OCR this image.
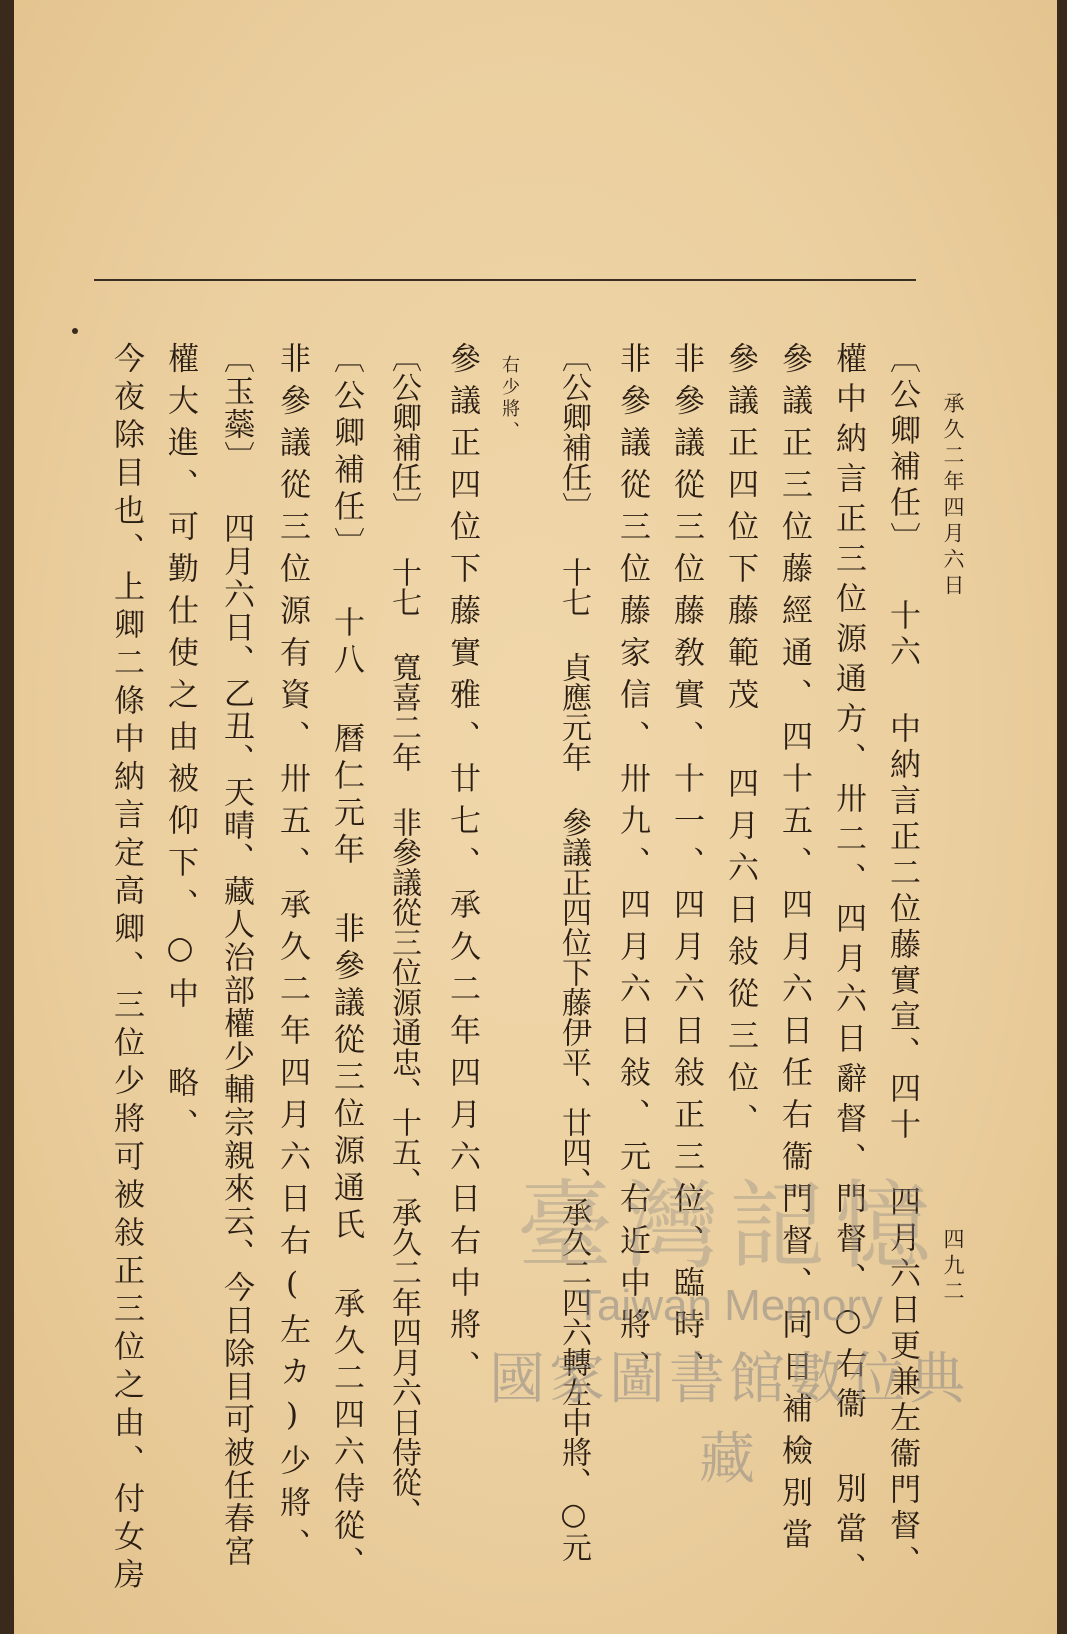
承久二年四月六日
四九二
〔公卿補任〕 十六 中納言正二位藤實宣、四十 四月六日更兼左衞門督、
權中納言正三位源通方、卅二、四月六日辭督、門督、○右衞 別當、
參議正三位藤經通、四十五、四月六日任右衞門督、同日補檢別當
參議正四位下藤範茂 四月六日敍從三位、
非參議從三位藤敎實、十一、四月六日敍正三位、臨時、
非參議從三位藤家信、卅九、四月六日敍、元右近中將、
〔公卿補任〕 十七 貞應元年 參議正四位下藤伊平、廿四、承久二四六轉左中將、○元
右少將、
參議正四位下藤實雅、廿七、承久二年四月六日右中將、
〔公卿補任〕 十七 寬喜二年 非參議從三位源通忠、十五、承久二年四月六日侍從、
〔公卿補任〕 十八 曆仁元年 非參議從三位源通氏 承久二四六侍從、
非參議從三位源有資、卅五、承久二年四月六日右(左カ)少將、
〔玉蘂〕 四月六日、乙丑、天晴、藏人治部權少輔宗親來云、今日除目可被任春宮
權大進、可勤仕使之由被仰下、○中 略、
今夜除目也、上卿二條中納言定高卿、三位少將可被敍正三位之由、付女房	臺灣記憶
Taiwan Memory
國家圖書館數位典藏
